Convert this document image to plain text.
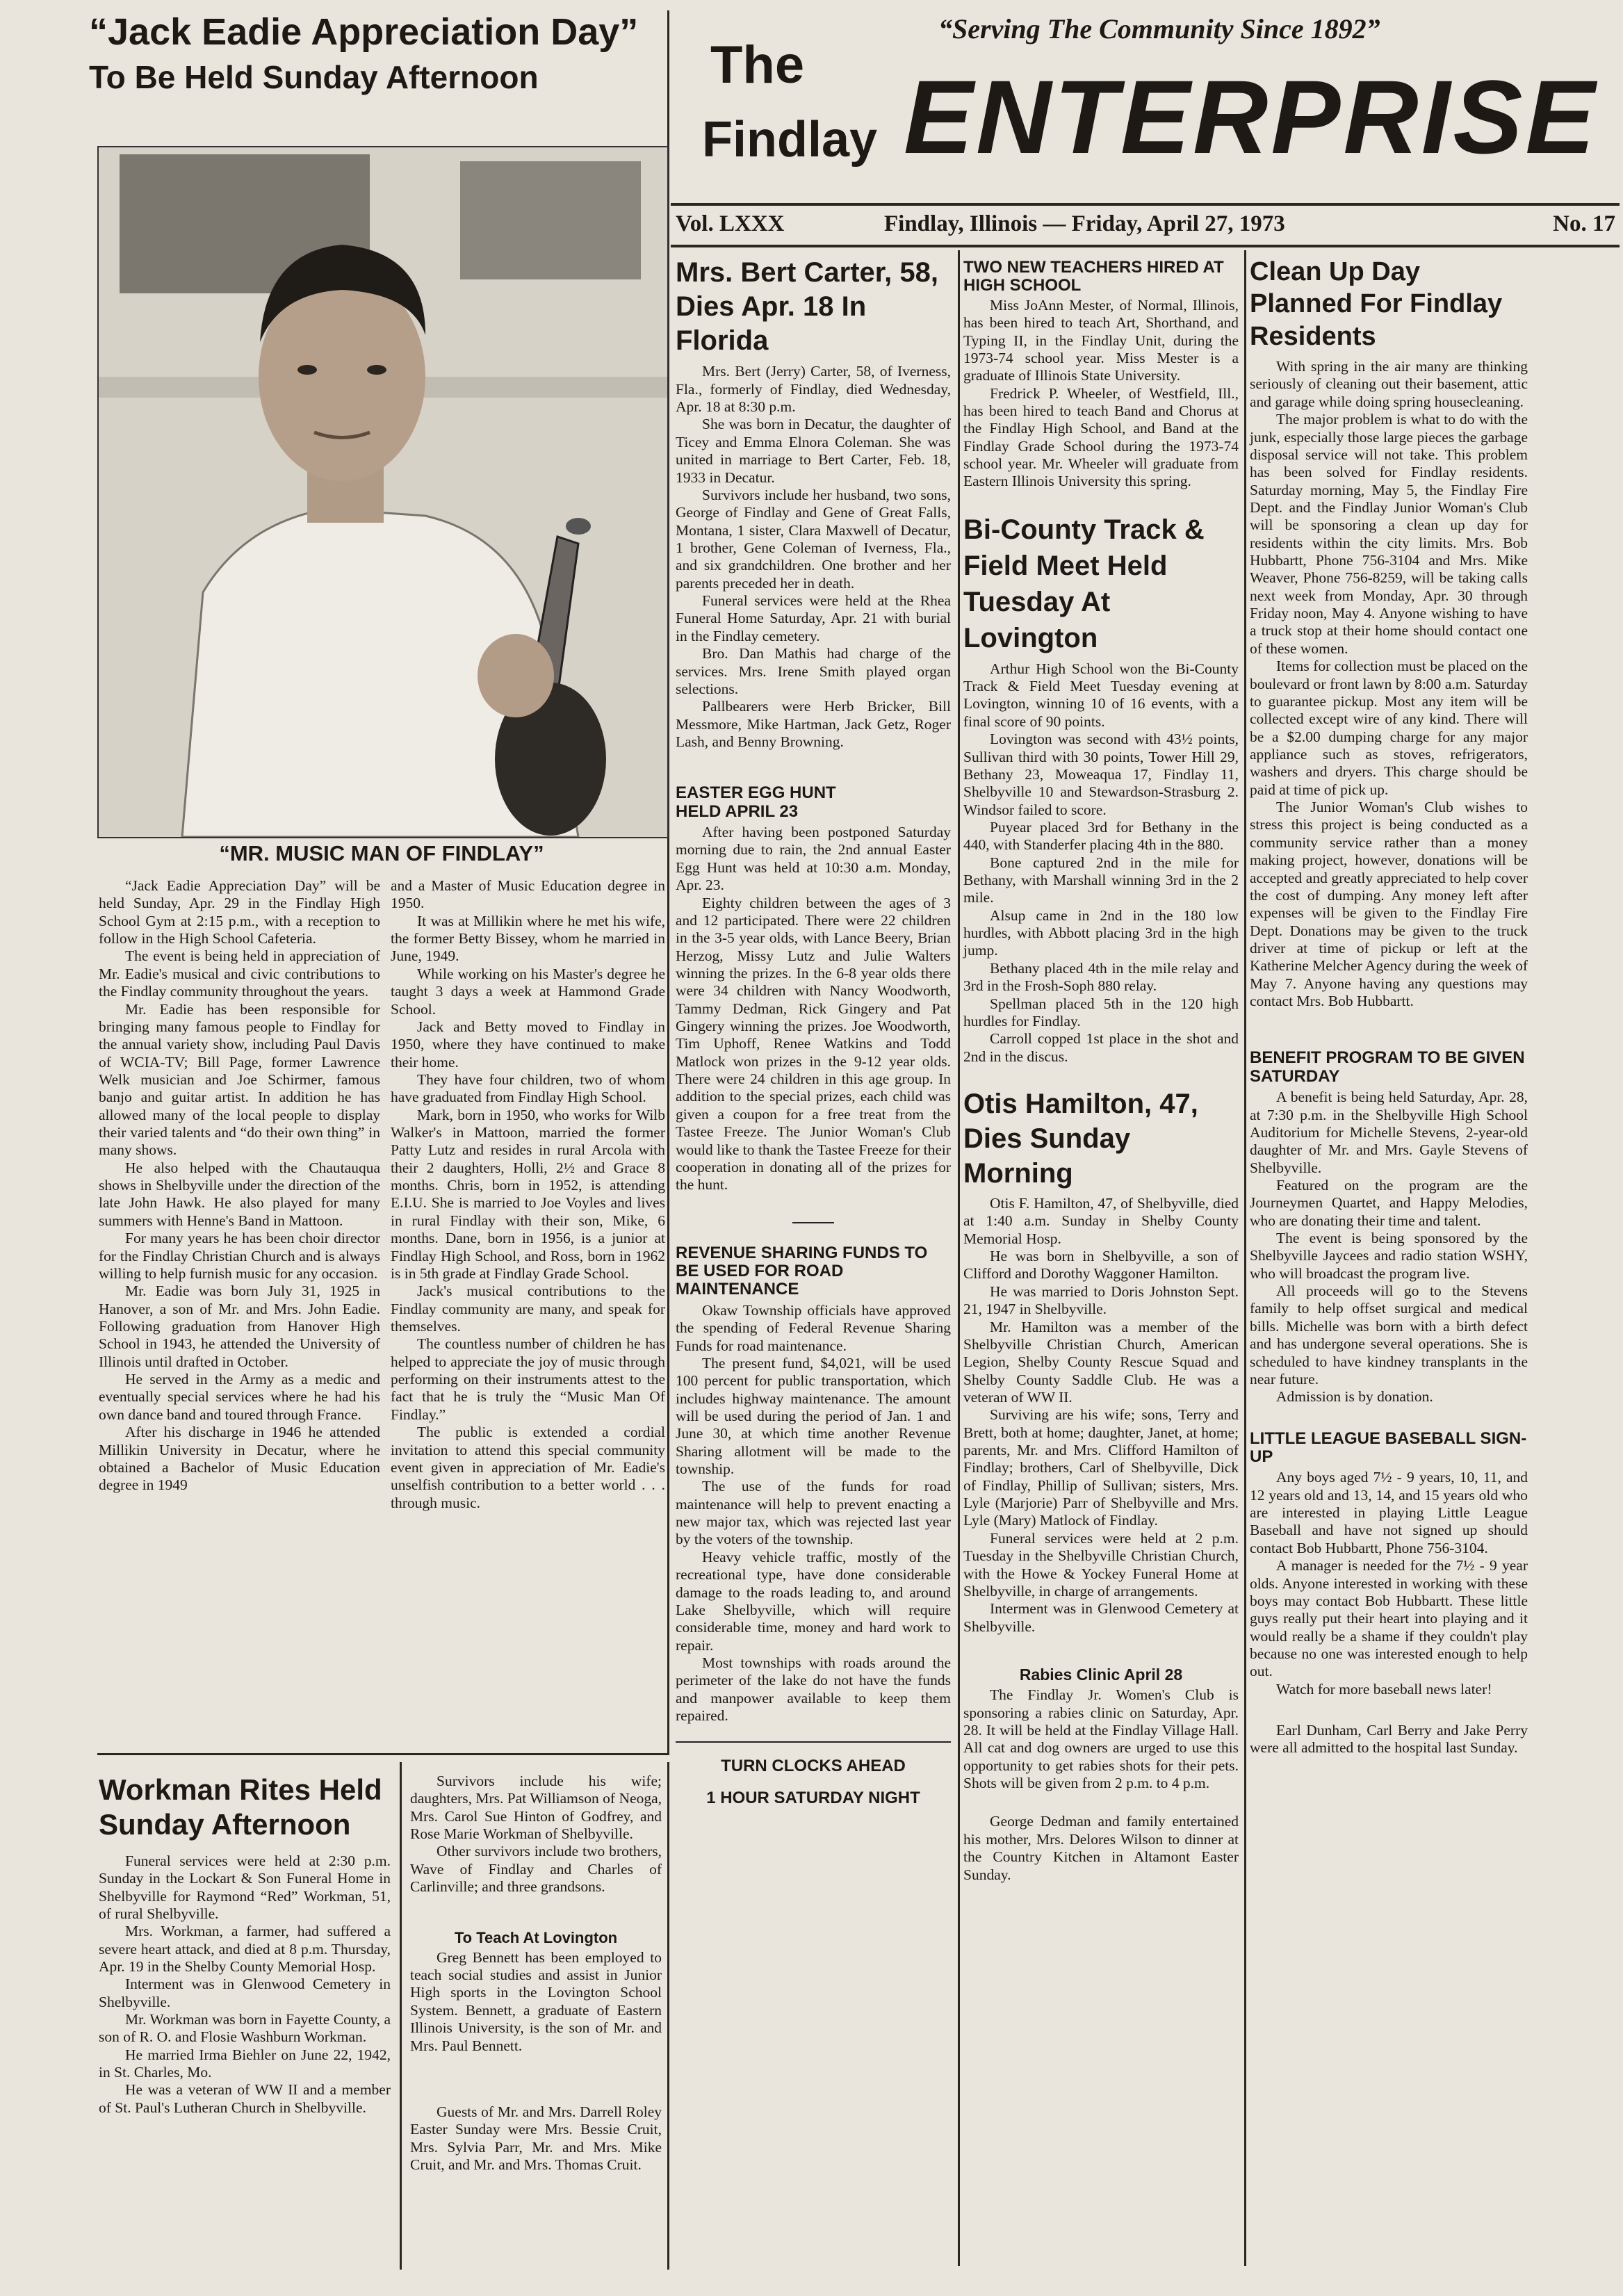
“Serving The Community Since 1892”
The
Findlay ENTERPRISE
Vol. LXXX	Findlay, Illinois — Friday, April 27, 1973	No. 17
“Jack Eadie Appreciation Day”
To Be Held Sunday Afternoon
“MR. MUSIC MAN OF FINDLAY”

“Jack Eadie Appreciation Day” will be held Sunday, Apr. 29 in the Findlay High School Gym at 2:15 p.m., with a reception to follow in the High School Cafeteria.

The event is being held in appreciation of Mr. Eadie's musical and civic contributions to the Findlay community throughout the years.

Mr. Eadie has been responsible for bringing many famous people to Findlay for the annual variety show, including Paul Davis of WCIA-TV; Bill Page, former Lawrence Welk musician and Joe Schirmer, famous banjo and guitar artist. In addition he has allowed many of the local people to display their varied talents and “do their own thing” in many shows.

He also helped with the Chautauqua shows in Shelbyville under the direction of the late John Hawk. He also played for many summers with Henne's Band in Mattoon.

For many years he has been choir director for the Findlay Christian Church and is always willing to help furnish music for any occasion.

Mr. Eadie was born July 31, 1925 in Hanover, a son of Mr. and Mrs. John Eadie. Following graduation from Hanover High School in 1943, he attended the University of Illinois until drafted in October.

He served in the Army as a medic and eventually special services where he had his own dance band and toured through France.

After his discharge in 1946 he attended Millikin University in Decatur, where he obtained a Bachelor of Music Education degree in 1949

and a Master of Music Education degree in 1950.

It was at Millikin where he met his wife, the former Betty Bissey, whom he married in June, 1949.

While working on his Master's degree he taught 3 days a week at Hammond Grade School.

Jack and Betty moved to Findlay in 1950, where they have continued to make their home.

They have four children, two of whom have graduated from Findlay High School.

Mark, born in 1950, who works for Wilb Walker's in Mattoon, married the former Patty Lutz and resides in rural Arcola with their 2 daughters, Holli, 2½ and Grace 8 months. Chris, born in 1952, is attending E.I.U. She is married to Joe Voyles and lives in rural Findlay with their son, Mike, 6 months. Dane, born in 1956, is a junior at Findlay High School, and Ross, born in 1962 is in 5th grade at Findlay Grade School.

Jack's musical contributions to the Findlay community are many, and speak for themselves.

The countless number of children he has helped to appreciate the joy of music through performing on their instruments attest to the fact that he is truly the “Music Man Of Findlay.”

The public is extended a cordial invitation to attend this special community event given in appreciation of Mr. Eadie's unselfish contribution to a better world . . . through music.

Workman Rites Held Sunday Afternoon

Funeral services were held at 2:30 p.m. Sunday in the Lockart & Son Funeral Home in Shelbyville for Raymond “Red” Workman, 51, of rural Shelbyville.

Mrs. Workman, a farmer, had suffered a severe heart attack, and died at 8 p.m. Thursday, Apr. 19 in the Shelby County Memorial Hosp.

Interment was in Glenwood Cemetery in Shelbyville.

Mr. Workman was born in Fayette County, a son of R. O. and Flosie Washburn Workman.

He married Irma Biehler on June 22, 1942, in St. Charles, Mo.

He was a veteran of WW II and a member of St. Paul's Lutheran Church in Shelbyville.

Survivors include his wife; daughters, Mrs. Pat Williamson of Neoga, Mrs. Carol Sue Hinton of Godfrey, and Rose Marie Workman of Shelbyville.

Other survivors include two brothers, Wave of Findlay and Charles of Carlinville; and three grandsons.

To Teach At Lovington

Greg Bennett has been employed to teach social studies and assist in Junior High sports in the Lovington School System. Bennett, a graduate of Eastern Illinois University, is the son of Mr. and Mrs. Paul Bennett.

Guests of Mr. and Mrs. Darrell Roley Easter Sunday were Mrs. Bessie Cruit, Mrs. Sylvia Parr, Mr. and Mrs. Mike Cruit, and Mr. and Mrs. Thomas Cruit.

Mrs. Bert Carter, 58, Dies Apr. 18 In Florida

Mrs. Bert (Jerry) Carter, 58, of Iverness, Fla., formerly of Findlay, died Wednesday, Apr. 18 at 8:30 p.m.

She was born in Decatur, the daughter of Ticey and Emma Elnora Coleman. She was united in marriage to Bert Carter, Feb. 18, 1933 in Decatur.

Survivors include her husband, two sons, George of Findlay and Gene of Great Falls, Montana, 1 sister, Clara Maxwell of Decatur, 1 brother, Gene Coleman of Iverness, Fla., and six grandchildren. One brother and her parents preceded her in death.

Funeral services were held at the Rhea Funeral Home Saturday, Apr. 21 with burial in the Findlay cemetery.

Bro. Dan Mathis had charge of the services. Mrs. Irene Smith played organ selections.

Pallbearers were Herb Bricker, Bill Messmore, Mike Hartman, Jack Getz, Roger Lash, and Benny Browning.

EASTER EGG HUNT HELD APRIL 23

After having been postponed Saturday morning due to rain, the 2nd annual Easter Egg Hunt was held at 10:30 a.m. Monday, Apr. 23.

Eighty children between the ages of 3 and 12 participated. There were 22 children in the 3-5 year olds, with Lance Beery, Brian Herzog, Missy Lutz and Julie Walters winning the prizes. In the 6-8 year olds there were 34 children with Nancy Woodworth, Tammy Dedman, Rick Gingery and Pat Gingery winning the prizes. Joe Woodworth, Tim Uphoff, Renee Watkins and Todd Matlock won prizes in the 9-12 year olds. There were 24 children in this age group. In addition to the special prizes, each child was given a coupon for a free treat from the Tastee Freeze. The Junior Woman's Club would like to thank the Tastee Freeze for their cooperation in donating all of the prizes for the hunt.

REVENUE SHARING FUNDS TO BE USED FOR ROAD MAINTENANCE

Okaw Township officials have approved the spending of Federal Revenue Sharing Funds for road maintenance.

The present fund, $4,021, will be used 100 percent for public transportation, which includes highway maintenance. The amount will be used during the period of Jan. 1 and June 30, at which time another Revenue Sharing allotment will be made to the township.

The use of the funds for road maintenance will help to prevent enacting a new major tax, which was rejected last year by the voters of the township.

Heavy vehicle traffic, mostly of the recreational type, have done considerable damage to the roads leading to, and around Lake Shelbyville, which will require considerable time, money and hard work to repair.

Most townships with roads around the perimeter of the lake do not have the funds and manpower available to keep them repaired.

TURN CLOCKS AHEAD
1 HOUR SATURDAY NIGHT
TWO NEW TEACHERS HIRED AT HIGH SCHOOL

Miss JoAnn Mester, of Normal, Illinois, has been hired to teach Art, Shorthand, and Typing II, in the Findlay Unit, during the 1973-74 school year. Miss Mester is a graduate of Illinois State University.

Fredrick P. Wheeler, of Westfield, Ill., has been hired to teach Band and Chorus at the Findlay High School, and Band at the Findlay Grade School during the 1973-74 school year. Mr. Wheeler will graduate from Eastern Illinois University this spring.

Bi-County Track & Field Meet Held Tuesday At Lovington

Arthur High School won the Bi-County Track & Field Meet Tuesday evening at Lovington, winning 10 of 16 events, with a final score of 90 points.

Lovington was second with 43½ points, Sullivan third with 30 points, Tower Hill 29, Bethany 23, Moweaqua 17, Findlay 11, Shelbyville 10 and Stewardson-Strasburg 2. Windsor failed to score.

Puyear placed 3rd for Bethany in the 440, with Standerfer placing 4th in the 880.

Bone captured 2nd in the mile for Bethany, with Marshall winning 3rd in the 2 mile.

Alsup came in 2nd in the 180 low hurdles, with Abbott placing 3rd in the high jump.

Bethany placed 4th in the mile relay and 3rd in the Frosh-Soph 880 relay.

Spellman placed 5th in the 120 high hurdles for Findlay.

Carroll copped 1st place in the shot and 2nd in the discus.

Otis Hamilton, 47, Dies Sunday Morning

Otis F. Hamilton, 47, of Shelbyville, died at 1:40 a.m. Sunday in Shelby County Memorial Hosp.

He was born in Shelbyville, a son of Clifford and Dorothy Waggoner Hamilton.

He was married to Doris Johnston Sept. 21, 1947 in Shelbyville.

Mr. Hamilton was a member of the Shelbyville Christian Church, American Legion, Shelby County Rescue Squad and Shelby County Saddle Club. He was a veteran of WW II.

Surviving are his wife; sons, Terry and Brett, both at home; daughter, Janet, at home; parents, Mr. and Mrs. Clifford Hamilton of Findlay; brothers, Carl of Shelbyville, Dick of Findlay, Phillip of Sullivan; sisters, Mrs. Lyle (Marjorie) Parr of Shelbyville and Mrs. Lyle (Mary) Matlock of Findlay.

Funeral services were held at 2 p.m. Tuesday in the Shelbyville Christian Church, with the Howe & Yockey Funeral Home at Shelbyville, in charge of arrangements.

Interment was in Glenwood Cemetery at Shelbyville.

Rabies Clinic April 28

The Findlay Jr. Women's Club is sponsoring a rabies clinic on Saturday, Apr. 28. It will be held at the Findlay Village Hall. All cat and dog owners are urged to use this opportunity to get rabies shots for their pets. Shots will be given from 2 p.m. to 4 p.m.

George Dedman and family entertained his mother, Mrs. Delores Wilson to dinner at the Country Kitchen in Altamont Easter Sunday.

Clean Up Day Planned For Findlay Residents

With spring in the air many are thinking seriously of cleaning out their basement, attic and garage while doing spring housecleaning.

The major problem is what to do with the junk, especially those large pieces the garbage disposal service will not take. This problem has been solved for Findlay residents. Saturday morning, May 5, the Findlay Fire Dept. and the Findlay Junior Woman's Club will be sponsoring a clean up day for residents within the city limits. Mrs. Bob Hubbartt, Phone 756-3104 and Mrs. Mike Weaver, Phone 756-8259, will be taking calls next week from Monday, Apr. 30 through Friday noon, May 4. Anyone wishing to have a truck stop at their home should contact one of these women.

Items for collection must be placed on the boulevard or front lawn by 8:00 a.m. Saturday to guarantee pickup. Most any item will be collected except wire of any kind. There will be a $2.00 dumping charge for any major appliance such as stoves, refrigerators, washers and dryers. This charge should be paid at time of pick up.

The Junior Woman's Club wishes to stress this project is being conducted as a community service rather than a money making project, however, donations will be accepted and greatly appreciated to help cover the cost of dumping. Any money left after expenses will be given to the Findlay Fire Dept. Donations may be given to the truck driver at time of pickup or left at the Katherine Melcher Agency during the week of May 7. Anyone having any questions may contact Mrs. Bob Hubbartt.

BENEFIT PROGRAM TO BE GIVEN SATURDAY

A benefit is being held Saturday, Apr. 28, at 7:30 p.m. in the Shelbyville High School Auditorium for Michelle Stevens, 2-year-old daughter of Mr. and Mrs. Gayle Stevens of Shelbyville.

Featured on the program are the Journeymen Quartet, and Happy Melodies, who are donating their time and talent.

The event is being sponsored by the Shelbyville Jaycees and radio station WSHY, who will broadcast the program live.

All proceeds will go to the Stevens family to help offset surgical and medical bills. Michelle was born with a birth defect and has undergone several operations. She is scheduled to have kindney transplants in the near future.

Admission is by donation.

LITTLE LEAGUE BASEBALL SIGN-UP

Any boys aged 7½ - 9 years, 10, 11, and 12 years old and 13, 14, and 15 years old who are interested in playing Little League Baseball and have not signed up should contact Bob Hubbartt, Phone 756-3104.

A manager is needed for the 7½ - 9 year olds. Anyone interested in working with these boys may contact Bob Hubbartt. These little guys really put their heart into playing and it would really be a shame if they couldn't play because no one was interested enough to help out.

Watch for more baseball news later!

Earl Dunham, Carl Berry and Jake Perry were all admitted to the hospital last Sunday.
